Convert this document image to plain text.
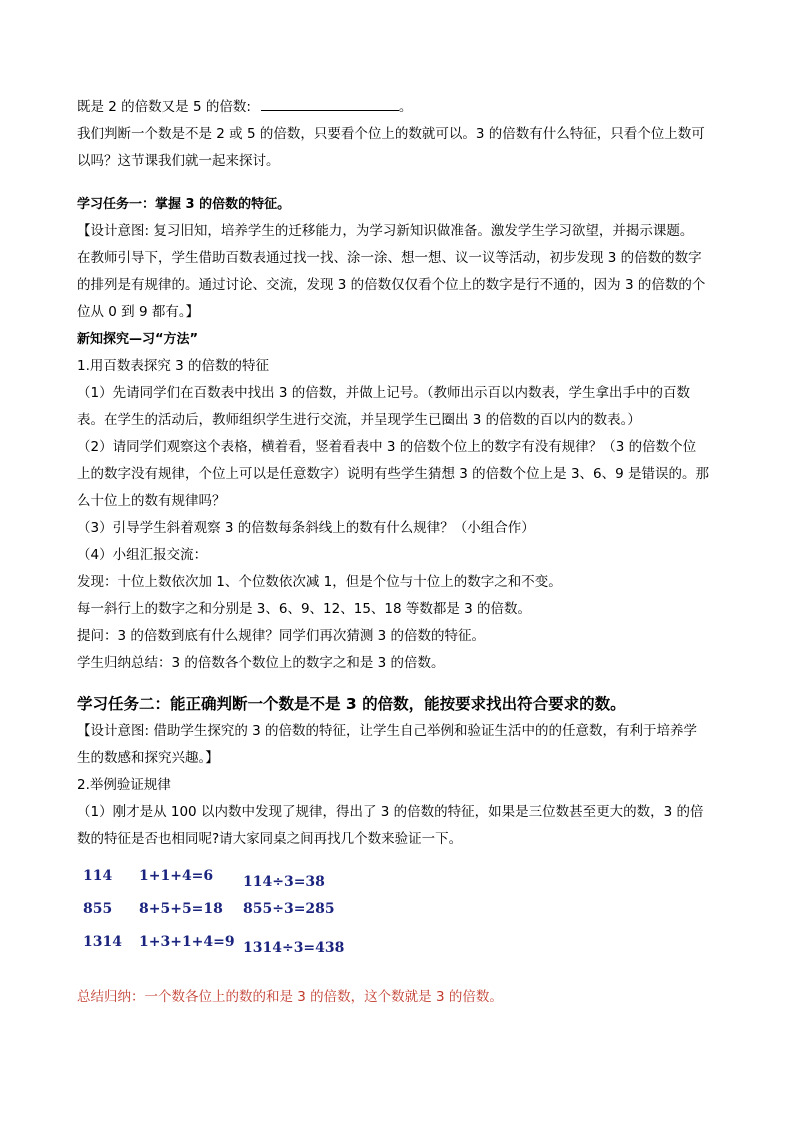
既是 2 的倍数又是 5 的倍数:	。

我们判断一个数是不是 2 或 5 的倍数，只要看个位上的数就可以。3 的倍数有什么特征，只看个位上数可

以吗？这节课我们就一起来探讨。

学习任务一：掌握 3 的倍数的特征。

【设计意图: 复习旧知，培养学生的迁移能力，为学习新知识做准备。激发学生学习欲望，并揭示课题。

在教师引导下，学生借助百数表通过找一找、涂一涂、想一想、议一议等活动，初步发现 3 的倍数的数字

的排列是有规律的。通过讨论、交流，发现 3 的倍数仅仅看个位上的数字是行不通的，因为 3 的倍数的个

位从 0 到 9 都有。】

新知探究—习“方法”

1.用百数表探究 3 的倍数的特征

（1）先请同学们在百数表中找出 3 的倍数，并做上记号。（教师出示百以内数表，学生拿出手中的百数

表。在学生的活动后，教师组织学生进行交流，并呈现学生已圈出 3 的倍数的百以内的数表。）

（2）请同学们观察这个表格，横着看，竖着看表中 3 的倍数个位上的数字有没有规律？（3 的倍数个位

上的数字没有规律，个位上可以是任意数字）说明有些学生猜想 3 的倍数个位上是 3、6、9 是错误的。那

么十位上的数有规律吗？

（3）引导学生斜着观察 3 的倍数每条斜线上的数有什么规律？（小组合作）

（4）小组汇报交流：

发现：十位上数依次加 1、个位数依次减 1，但是个位与十位上的数字之和不变。

每一斜行上的数字之和分别是 3、6、9、12、15、18 等数都是 3 的倍数。

提问：3 的倍数到底有什么规律？同学们再次猜测 3 的倍数的特征。

学生归纳总结：3 的倍数各个数位上的数字之和是 3 的倍数。

学习任务二：能正确判断一个数是不是 3 的倍数，能按要求找出符合要求的数。

【设计意图: 借助学生探究的 3 的倍数的特征，让学生自己举例和验证生活中的的任意数，有利于培养学

生的数感和探究兴趣。】

2.举例验证规律

（1）刚才是从 100 以内数中发现了规律，得出了 3 的倍数的特征，如果是三位数甚至更大的数，3 的倍

数的特征是否也相同呢?请大家同桌之间再找几个数来验证一下。

114 1+1+4=6 114÷3=38
855 8+5+5=18 855÷3=285
1314 1+3+1+4=9 1314÷3=438

总结归纳：一个数各位上的数的和是 3 的倍数，这个数就是 3 的倍数。
